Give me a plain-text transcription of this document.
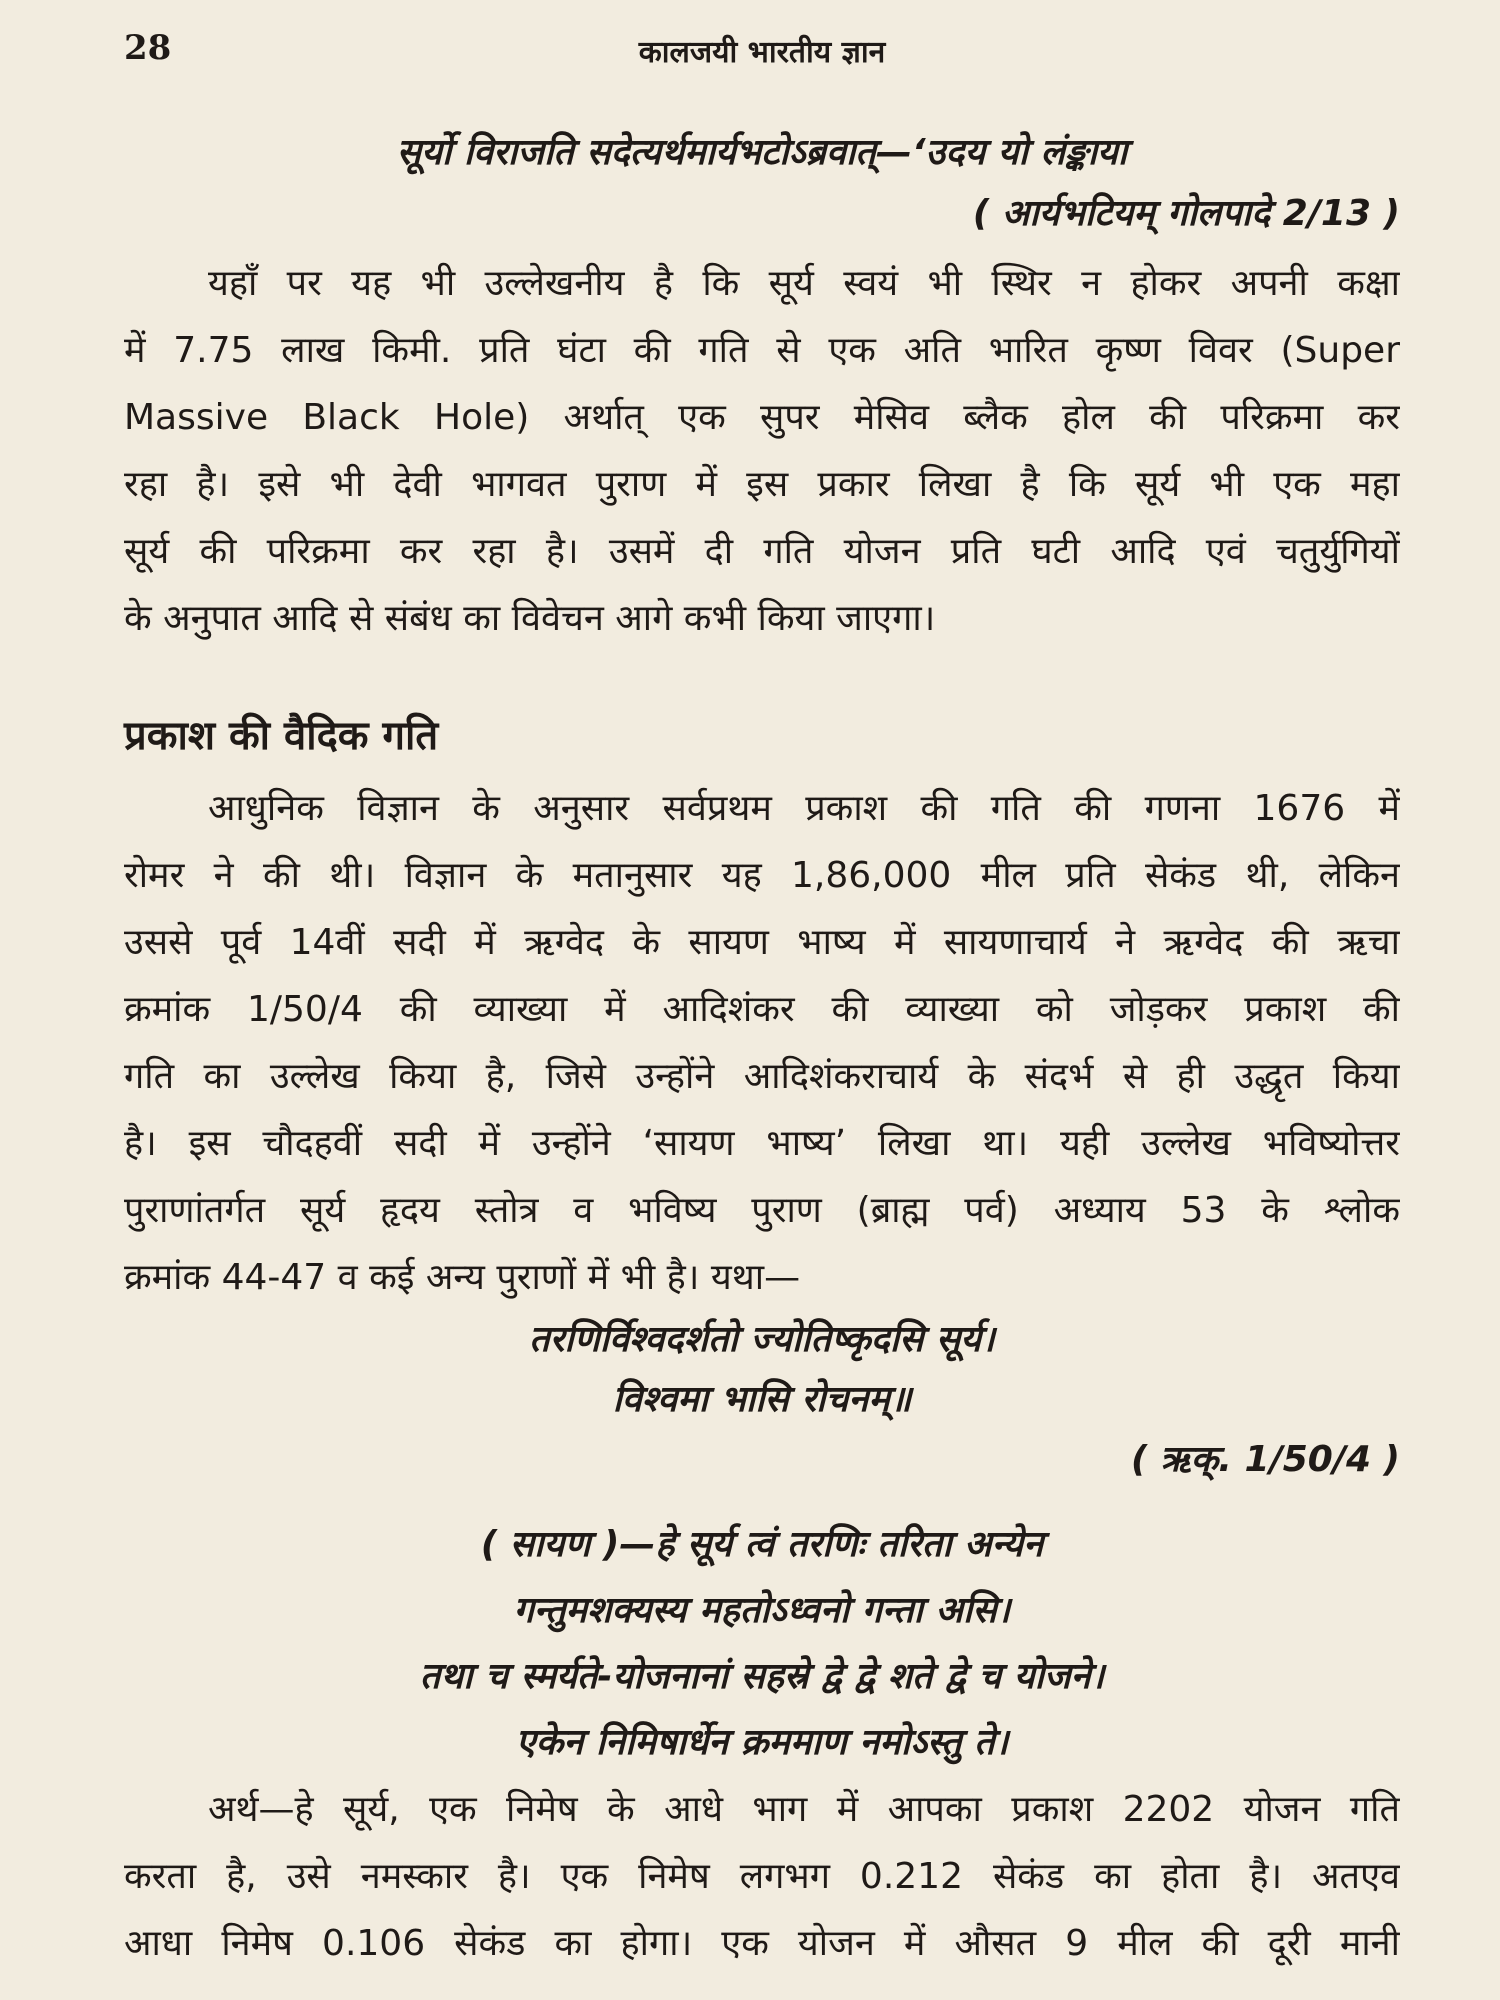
28	कालजयी भारतीय ज्ञान
सूर्यो विराजति सदेत्यर्थमार्यभटोऽब्रवात्—‘उदय यो लंङ्काया
( आर्यभटियम् गोलपादे 2/13 )
यहाँ पर यह भी उल्लेखनीय है कि सूर्य स्वयं भी स्थिर न होकर अपनी कक्षा
में 7.75 लाख किमी. प्रति घंटा की गति से एक अति भारित कृष्ण विवर (Super
Massive Black Hole) अर्थात् एक सुपर मेसिव ब्लैक होल की परिक्रमा कर
रहा है। इसे भी देवी भागवत पुराण में इस प्रकार लिखा है कि सूर्य भी एक महा
सूर्य की परिक्रमा कर रहा है। उसमें दी गति योजन प्रति घटी आदि एवं चतुर्युगियों
के अनुपात आदि से संबंध का विवेचन आगे कभी किया जाएगा।
प्रकाश की वैदिक गति
आधुनिक विज्ञान के अनुसार सर्वप्रथम प्रकाश की गति की गणना 1676 में
रोमर ने की थी। विज्ञान के मतानुसार यह 1,86,000 मील प्रति सेकंड थी, लेकिन
उससे पूर्व 14वीं सदी में ऋग्वेद के सायण भाष्य में सायणाचार्य ने ऋग्वेद की ऋचा
क्रमांक 1/50/4 की व्याख्या में आदिशंकर की व्याख्या को जोड़कर प्रकाश की
गति का उल्लेख किया है, जिसे उन्होंने आदिशंकराचार्य के संदर्भ से ही उद्धृत किया
है। इस चौदहवीं सदी में उन्होंने ‘सायण भाष्य’ लिखा था। यही उल्लेख भविष्योत्तर
पुराणांतर्गत सूर्य हृदय स्तोत्र व भविष्य पुराण (ब्राह्म पर्व) अध्याय 53 के श्लोक
क्रमांक 44-47 व कई अन्य पुराणों में भी है। यथा—
तरणिर्विश्वदर्शतो ज्योतिष्कृदसि सूर्य।
विश्वमा भासि रोचनम्॥
( ऋक्. 1/50/4 )
( सायण )—हे सूर्य त्वं तरणिः तरिता अन्येन
गन्तुमशक्यस्य महतोऽध्वनो गन्ता असि।
तथा च स्मर्यते-योजनानां सहस्रे द्वे द्वे शते द्वे च योजने।
एकेन निमिषार्धेन क्रममाण नमोऽस्तु ते।
अर्थ—हे सूर्य, एक निमेष के आधे भाग में आपका प्रकाश 2202 योजन गति
करता है, उसे नमस्कार है। एक निमेष लगभग 0.212 सेकंड का होता है। अतएव
आधा निमेष 0.106 सेकंड का होगा। एक योजन में औसत 9 मील की दूरी मानी
